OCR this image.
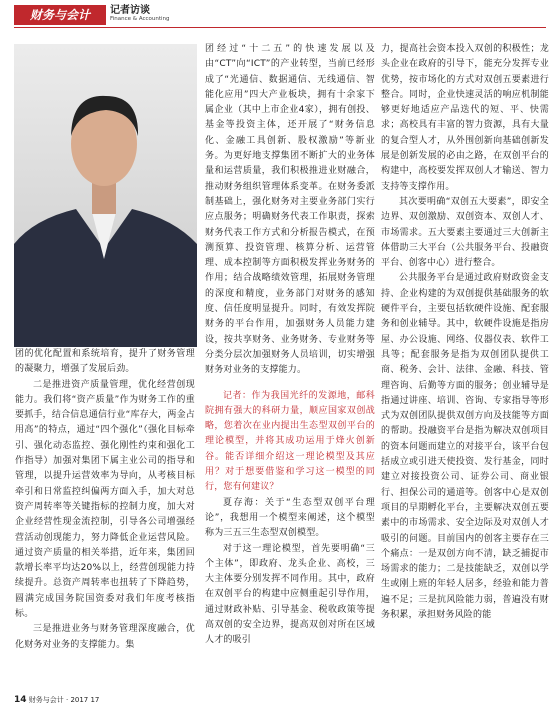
财务与会计	记者访谈
Finance & Accounting

团的优化配置和系统培育，提升了财务管理的凝聚力，增强了发展后劲。

二是推进资产质量管理，优化经营创现能力。我们将“资产质量”作为财务工作的重要抓手，结合信息通信行业“库存大，两金占用高”的特点，通过“四个强化”（强化目标牵引、强化动态监控、强化刚性约束和强化工作指导）加强对集团下属主业公司的指导和管理，以提升运营效率为导向，从考核目标牵引和日常监控纠偏两方面入手，加大对总资产周转率等关键指标的控制力度，加大对企业经营性现金流控制，引导各公司增强经营活动创现能力，努力降低企业运营风险。通过资产质量的相关举措，近年来，集团回款增长率平均达20%以上，经营创现能力持续提升。总资产周转率也扭转了下降趋势，圆满完成国务院国资委对我们年度考核指标。

三是推进业务与财务管理深度融合，优化财务对业务的支撑能力。集

团经过“十二五”的快速发展以及由“CT”向“ICT”的产业转型，当前已经形成了“光通信、数据通信、无线通信、智能化应用”四大产业板块，拥有十余家下属企业（其中上市企业4家），拥有创投、基金等投资主体，还开展了“财务信息化、金融工具创新、股权激励”等新业务。为更好地支撑集团不断扩大的业务体量和运营质量，我们积极推进业财融合，推动财务组织管理体系变革。在财务委派制基础上，强化财务对主要业务部门实行应点服务；明确财务代表工作职责，探索财务代表工作方式和分析报告模式，在预测预算、投资管理、核算分析、运营管理、成本控制等方面积极发挥业务财务的作用；结合战略绩效管理，拓展财务管理的深度和精度，业务部门对财务的感知度、信任度明显提升。同时，有效发挥院财务的平台作用，加强财务人员能力建设，按共享财务、业务财务、专业财务等分类分层次加强财务人员培训，切实增强财务对业务的支撑能力。

记者：作为我国光纤的发源地，邮科院拥有强大的科研力量，顺应国家双创战略，您着次在业内提出生态型双创平台的理论模型，并将其成功运用于烽火创新谷。能否详细介绍这一理论模型及其应用？对于想要借鉴和学习这一模型的同行，您有何建议？

夏存海：关于“生态型双创平台理论”，我想用一个模型来阐述，这个模型称为三五三生态型双创模型。

对于这一理论模型，首先要明确“三个主体”，即政府、龙头企业、高校，三大主体要分别发挥不同作用。其中，政府在双创平台的构建中应侧重起引导作用，通过财政补贴、引导基金、税收政策等提高双创的安全边界，提高双创对所在区域人才的吸引

力，提高社会资本投入双创的积极性；龙头企业在政府的引导下，能充分发挥专业优势，按市场化的方式对双创五要素进行整合。同时，企业快速灵活的响应机制能够更好地适应产品迭代的短、平、快需求；高校具有丰富的智力资源，具有大量的复合型人才，从外围创新向基础创新发展是创新发展的必由之路，在双创平台的构建中，高校要发挥双创人才输送、智力支持等支撑作用。

其次要明确“双创五大要素”，即安全边界、双创激励、双创资本、双创人才、市场需求。五大要素主要通过三大创新主体借助三大平台（公共服务平台、投融资平台、创客中心）进行整合。

公共服务平台是通过政府财政资金支持、企业构建的为双创提供基础服务的软硬件平台，主要包括软硬件设施、配套服务和创业辅导。其中，软硬件设施是指房屋、办公设施、网络、仪器仪表、软件工具等；配套服务是指为双创团队提供工商、税务、会计、法律、金融、科技、管理咨询、后勤等方面的服务；创业辅导是指通过讲座、培训、咨询、专家指导等形式为双创团队提供双创方向及技能等方面的帮助。投融资平台是指为解决双创项目的资本问题而建立的对接平台，该平台包括成立或引进天使投资、发行基金，同时建立对接投资公司、证券公司、商业银行、担保公司的通道等。创客中心是双创项目的早期孵化平台，主要解决双创五要素中的市场需求、安全边际及对双创人才吸引的问题。目前国内的创客主要存在三个痛点：一是双创方向不清，缺乏捕捉市场需求的能力；二是技能缺乏，双创以学生或刚上班的年轻人居多，经验和能力普遍不足；三是抗风险能力弱，普遍没有财务积累，承担财务风险的能

14 财务与会计 · 2017 17
